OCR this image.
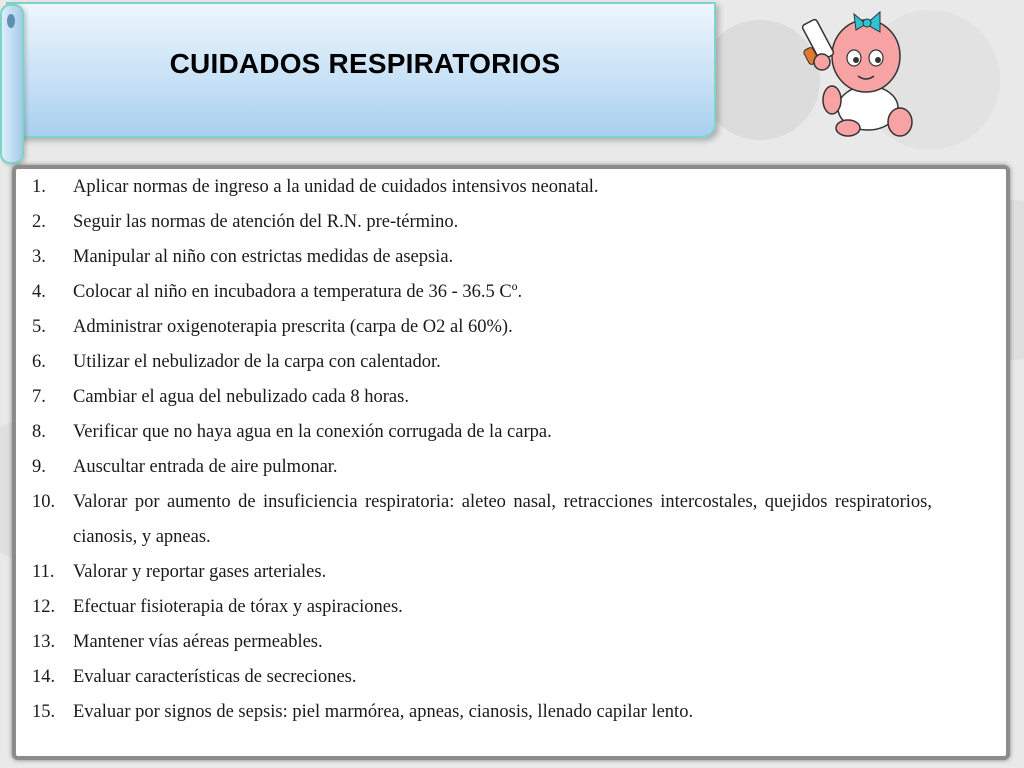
CUIDADOS RESPIRATORIOS
1.	Aplicar normas de ingreso a la unidad de cuidados intensivos neonatal.
2.	Seguir las normas de atención del R.N. pre-término.
3.	Manipular al niño con estrictas medidas de asepsia.
4.	Colocar al niño en incubadora a temperatura de 36 - 36.5 Cº.
5.	Administrar oxigenoterapia prescrita (carpa de O2 al 60%).
6.	Utilizar el nebulizador de la carpa con calentador.
7.	Cambiar el agua del nebulizado cada 8 horas.
8.	Verificar que no haya agua en la conexión corrugada de la carpa.
9.	Auscultar entrada de aire pulmonar.
10. Valorar por aumento de insuficiencia respiratoria: aleteo nasal, retracciones intercostales, quejidos respiratorios, cianosis, y apneas.
11.	Valorar y reportar gases arteriales.
12. Efectuar fisioterapia de tórax y aspiraciones.
13. Mantener vías aéreas permeables.
14. Evaluar características de secreciones.
15. Evaluar por signos de sepsis: piel marmórea, apneas, cianosis, llenado capilar lento.
